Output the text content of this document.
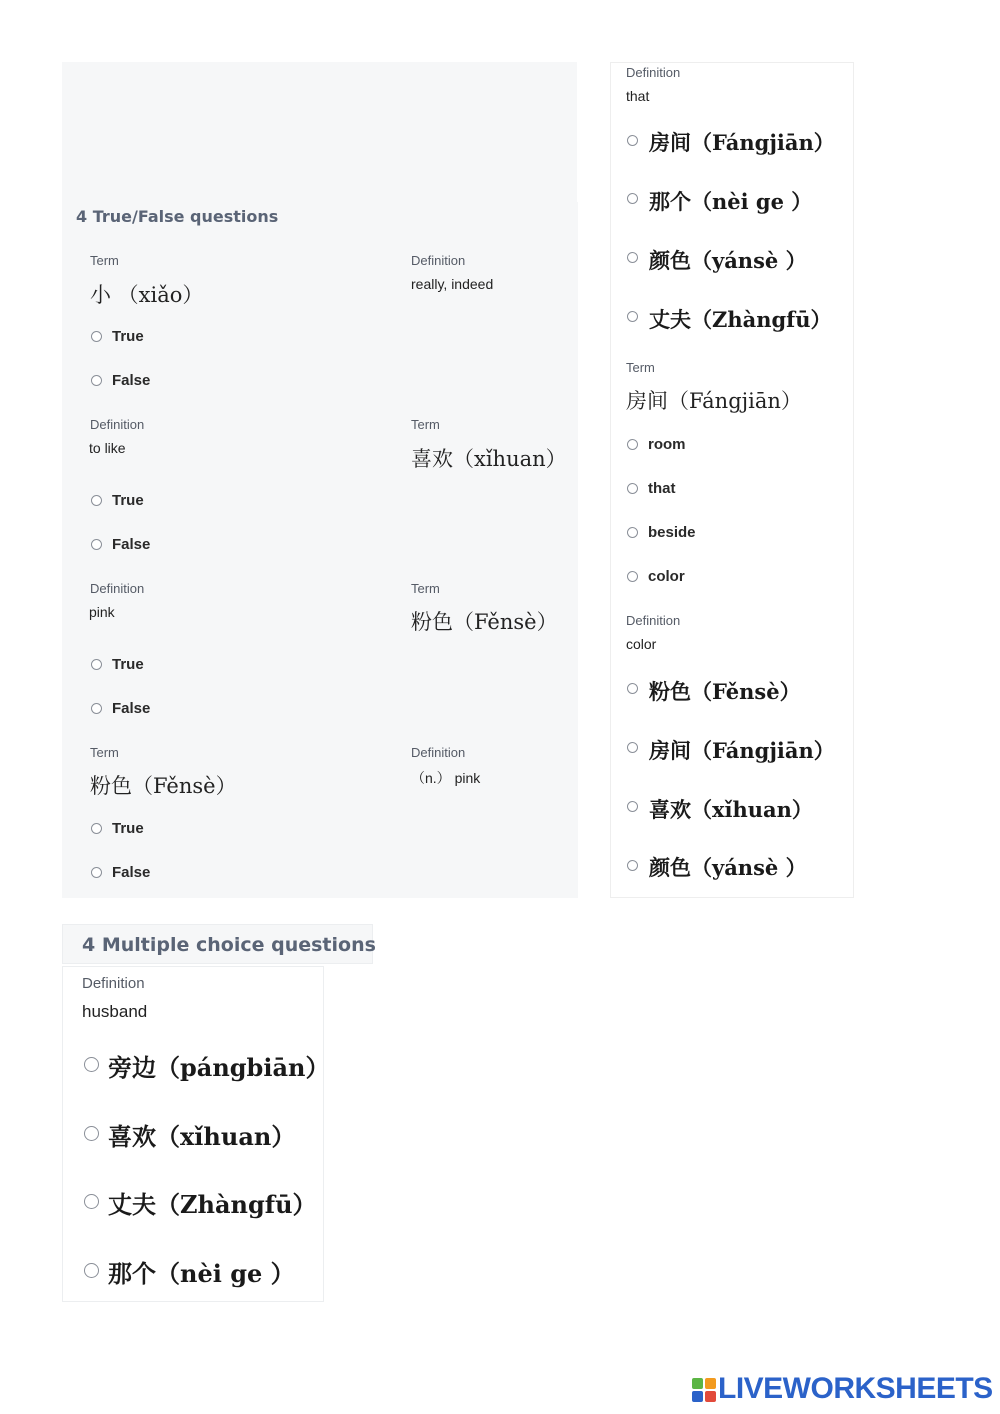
4 True/False questions
Term
小 （xiǎo）
Definition
really, indeed
True
False
Definition
to like
Term
喜欢（xǐhuan）
True
False
Definition
pink
Term
粉色（Fěnsè）
True
False
Term
粉色（Fěnsè）
Definition
（n.） pink
True
False
Definition
that
房间（Fángjiān）
那个（nèi ge ）
颜色（yánsè ）
丈夫（Zhàngfū）
Term
房间（Fángjiān）
room
that
beside
color
Definition
color
粉色（Fěnsè）
房间（Fángjiān）
喜欢（xǐhuan）
颜色（yánsè ）
4 Multiple choice questions
Definition
husband
旁边（pángbiān）
喜欢（xǐhuan）
丈夫（Zhàngfū）
那个（nèi ge ）
LIVEWORKSHEETS
